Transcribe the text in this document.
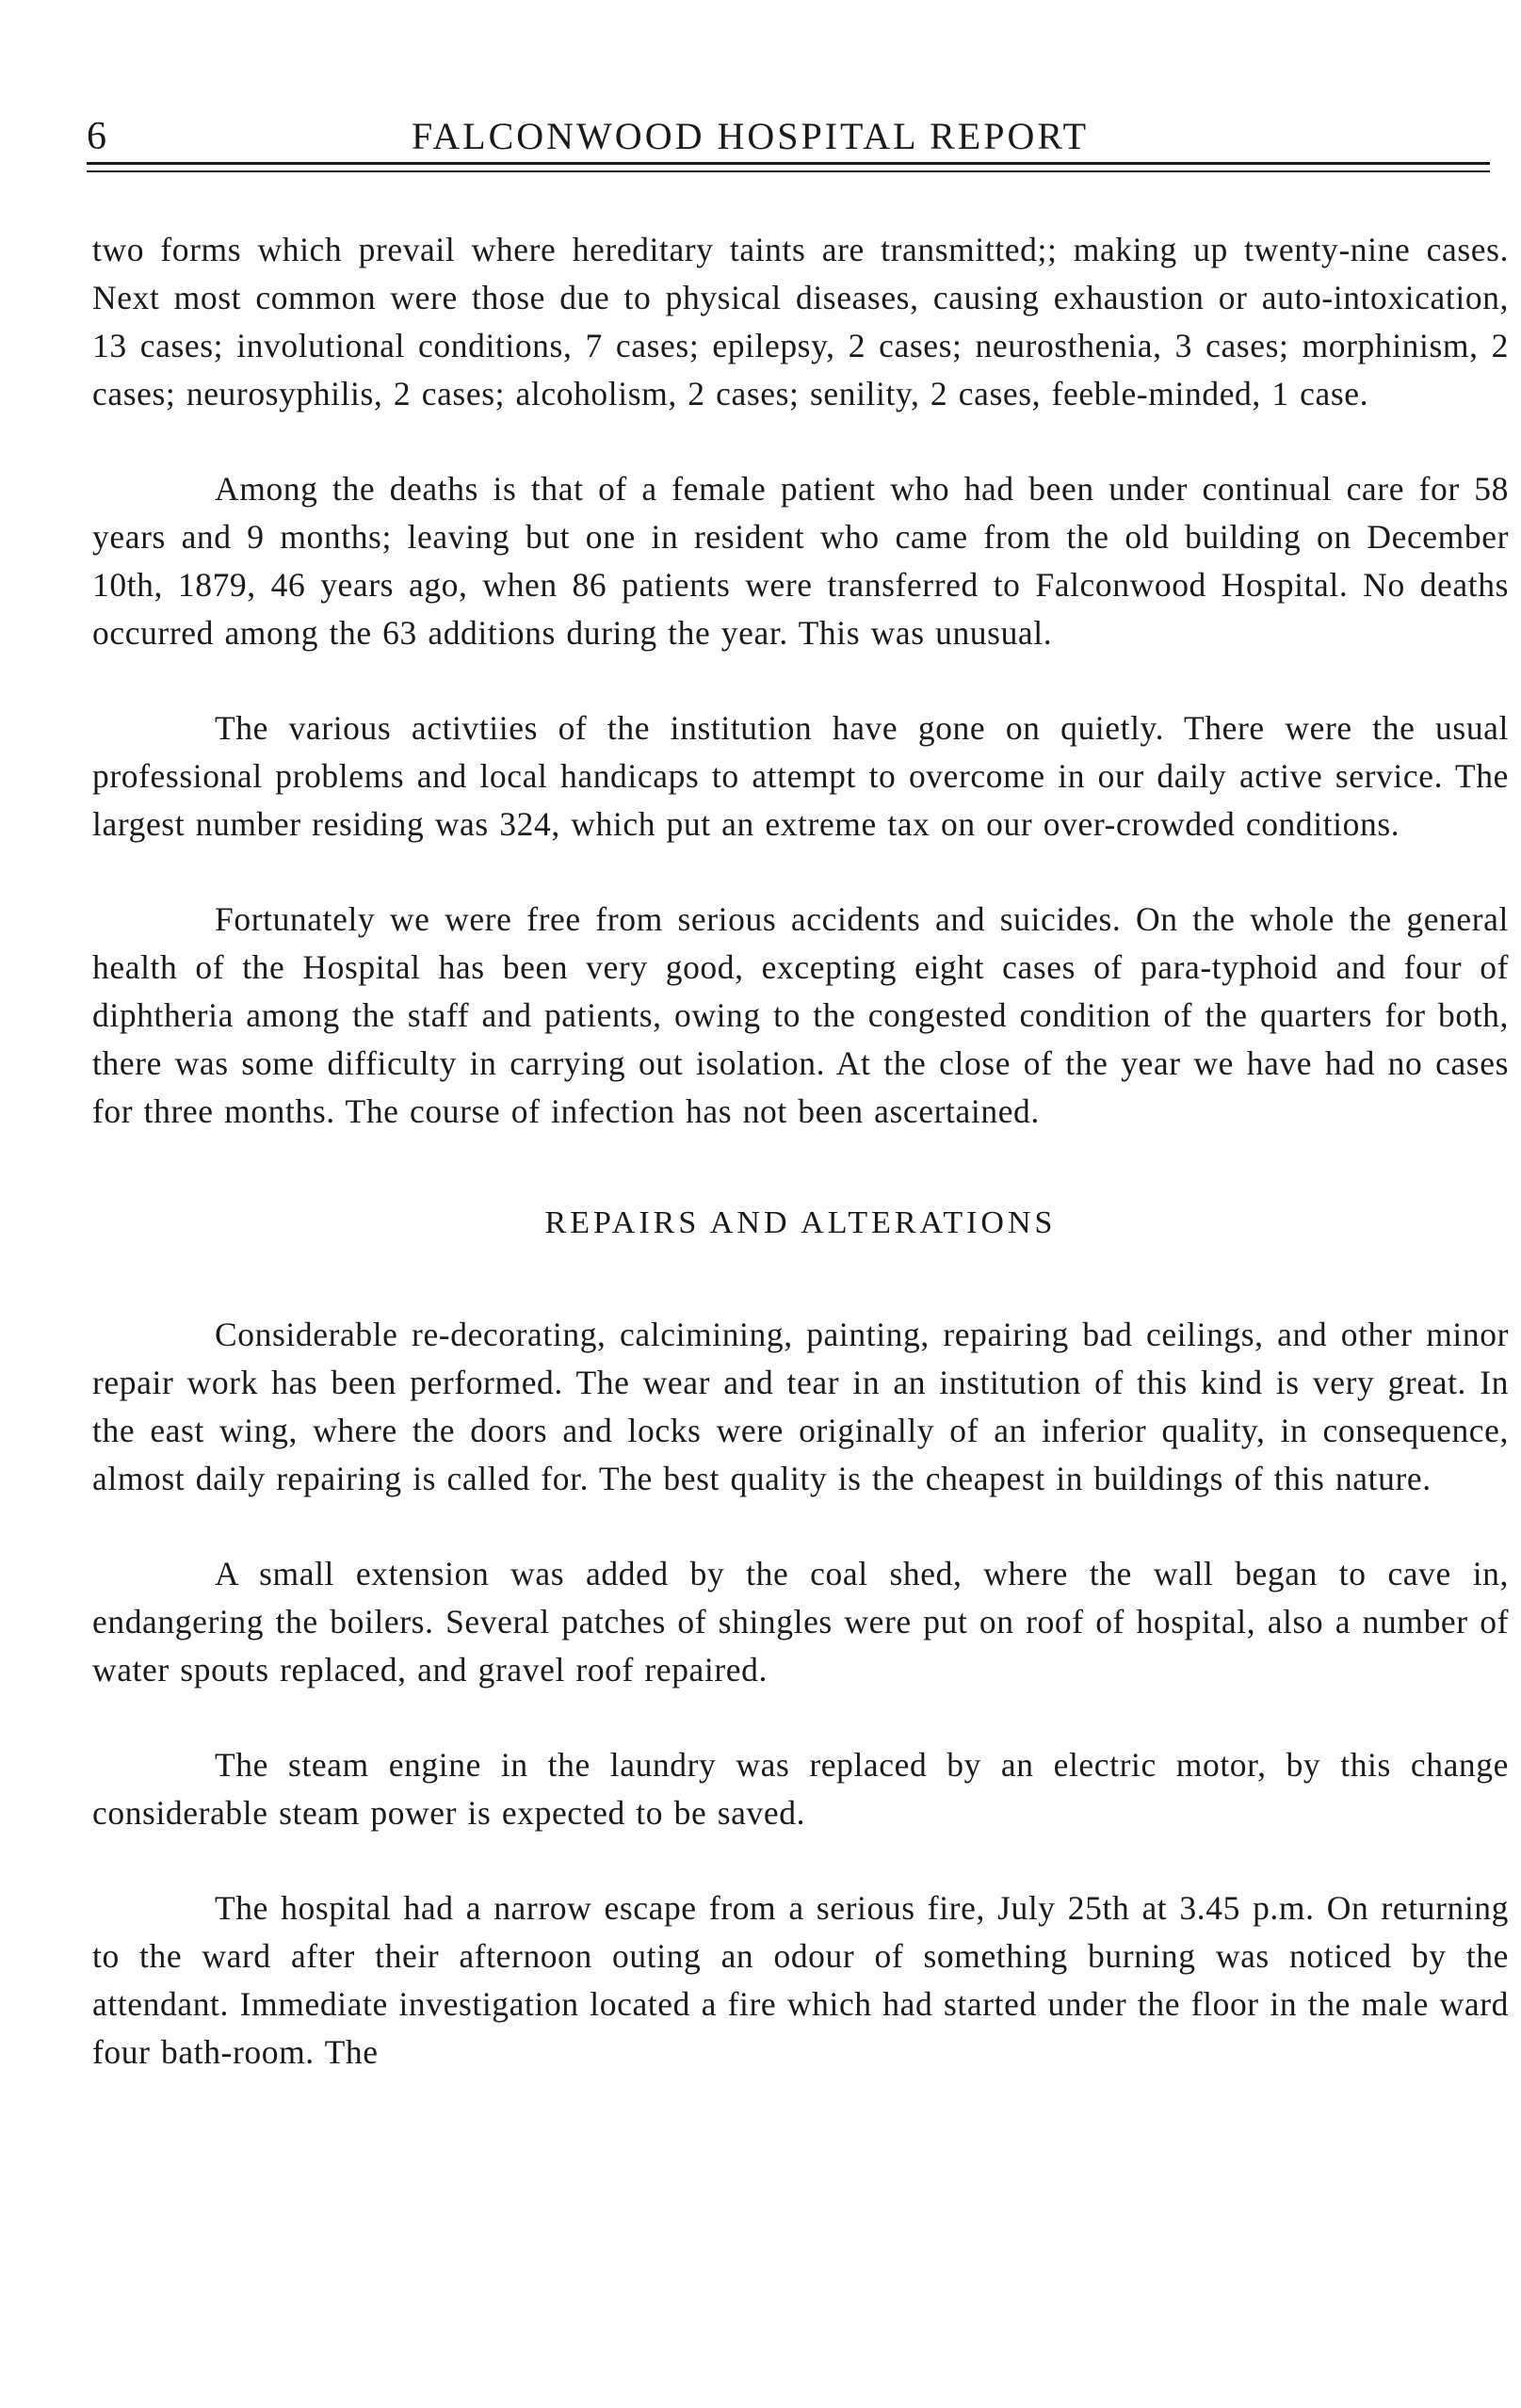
6	FALCONWOOD HOSPITAL REPORT

two forms which prevail where hereditary taints are transmitted;; making up twenty-nine cases. Next most common were those due to physical diseases, causing exhaustion or auto-intoxication, 13 cases; involutional conditions, 7 cases; epilepsy, 2 cases; neurosthenia, 3 cases; morphinism, 2 cases; neurosyphilis, 2 cases; alcoholism, 2 cases; senility, 2 cases, feeble-minded, 1 case.

Among the deaths is that of a female patient who had been under continual care for 58 years and 9 months; leaving but one in resident who came from the old building on December 10th, 1879, 46 years ago, when 86 patients were transferred to Falconwood Hospital. No deaths occurred among the 63 additions during the year. This was unusual.

The various activtiies of the institution have gone on quietly. There were the usual professional problems and local handicaps to attempt to overcome in our daily active service. The largest number residing was 324, which put an extreme tax on our over-crowded conditions.

Fortunately we were free from serious accidents and suicides. On the whole the general health of the Hospital has been very good, excepting eight cases of para-typhoid and four of diphtheria among the staff and patients, owing to the congested condition of the quarters for both, there was some difficulty in carrying out isolation. At the close of the year we have had no cases for three months. The course of infection has not been ascertained.

REPAIRS AND ALTERATIONS

Considerable re-decorating, calcimining, painting, repairing bad ceilings, and other minor repair work has been performed. The wear and tear in an institution of this kind is very great. In the east wing, where the doors and locks were originally of an inferior quality, in consequence, almost daily repairing is called for. The best quality is the cheapest in buildings of this nature.

A small extension was added by the coal shed, where the wall began to cave in, endangering the boilers. Several patches of shingles were put on roof of hospital, also a number of water spouts replaced, and gravel roof repaired.

The steam engine in the laundry was replaced by an electric motor, by this change considerable steam power is expected to be saved.

The hospital had a narrow escape from a serious fire, July 25th at 3.45 p.m. On returning to the ward after their afternoon outing an odour of something burning was noticed by the attendant. Immediate investigation located a fire which had started under the floor in the male ward four bath-room. The
